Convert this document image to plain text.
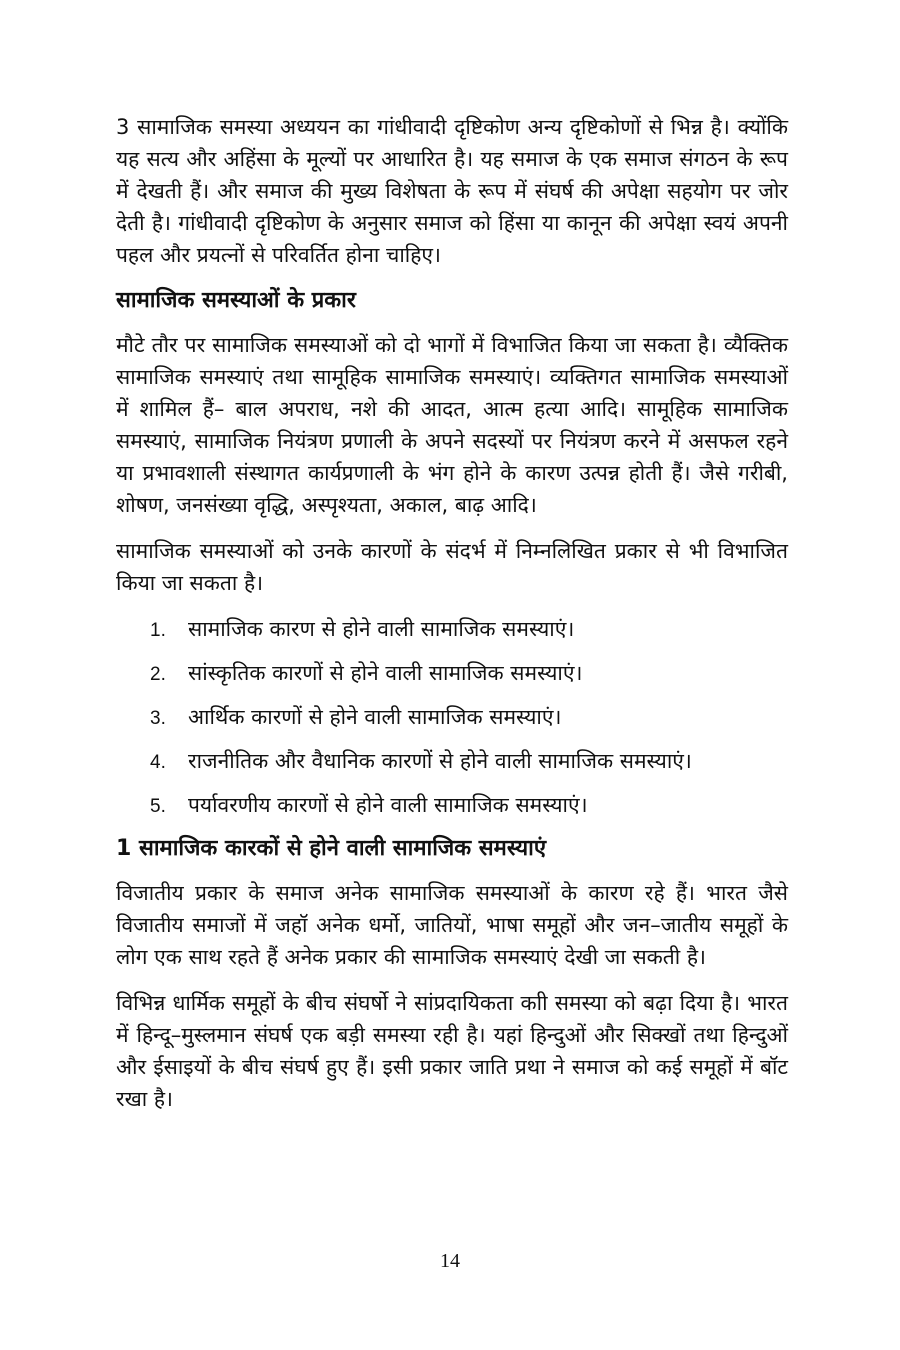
3 सामाजिक समस्या अध्ययन का गांधीवादी दृष्टिकोण अन्य दृष्टिकोणों से भिन्न है। क्योंकि यह सत्य और अहिंसा के मूल्यों पर आधारित है। यह समाज के एक समाज संगठन के रूप में देखती हैं। और समाज की मुख्य विशेषता के रूप में संघर्ष की अपेक्षा सहयोग पर जोर देती है। गांधीवादी दृष्टिकोण के अनुसार समाज को हिंसा या कानून की अपेक्षा स्वयं अपनी पहल और प्रयत्नों से परिवर्तित होना चाहिए।

सामाजिक समस्याओं के प्रकार

मौटे तौर पर सामाजिक समस्याओं को दो भागों में विभाजित किया जा सकता है। व्यैक्तिक सामाजिक समस्याएं तथा सामूहिक सामाजिक समस्याएं। व्यक्तिगत सामाजिक समस्याओं में शामिल हैं– बाल अपराध, नशे की आदत, आत्म हत्या आदि। सामूहिक सामाजिक समस्याएं, सामाजिक नियंत्रण प्रणाली के अपने सदस्यों पर नियंत्रण करने में असफल रहने या प्रभावशाली संस्थागत कार्यप्रणाली के भंग होने के कारण उत्पन्न होती हैं। जैसे गरीबी, शोषण, जनसंख्या वृद्धि, अस्पृश्यता, अकाल, बाढ़ आदि।

सामाजिक समस्याओं को उनके कारणों के संदर्भ में निम्नलिखित प्रकार से भी विभाजित किया जा सकता है।

1. सामाजिक कारण से होने वाली सामाजिक समस्याएं।
2. सांस्कृतिक कारणों से होने वाली सामाजिक समस्याएं।
3. आर्थिक कारणों से होने वाली सामाजिक समस्याएं।
4. राजनीतिक और वैधानिक कारणों से होने वाली सामाजिक समस्याएं।
5. पर्यावरणीय कारणों से होने वाली सामाजिक समस्याएं।
1 सामाजिक कारकों से होने वाली सामाजिक समस्याएं

विजातीय प्रकार के समाज अनेक सामाजिक समस्याओं के कारण रहे हैं। भारत जैसे विजातीय समाजों में जहॉ अनेक धर्मो, जातियों, भाषा समूहों और जन–जातीय समूहों के लोग एक साथ रहते हैं अनेक प्रकार की सामाजिक समस्याएं देखी जा सकती है।

विभिन्न धार्मिक समूहों के बीच संघर्षो ने सांप्रदायिकता काी समस्या को बढ़ा दिया है। भारत में हिन्दू–मुस्लमान संघर्ष एक बड़ी समस्या रही है। यहां हिन्दुओं और सिक्खों तथा हिन्दुओं और ईसाइयों के बीच संघर्ष हुए हैं। इसी प्रकार जाति प्रथा ने समाज को कई समूहों में बॉट रखा है।

14
